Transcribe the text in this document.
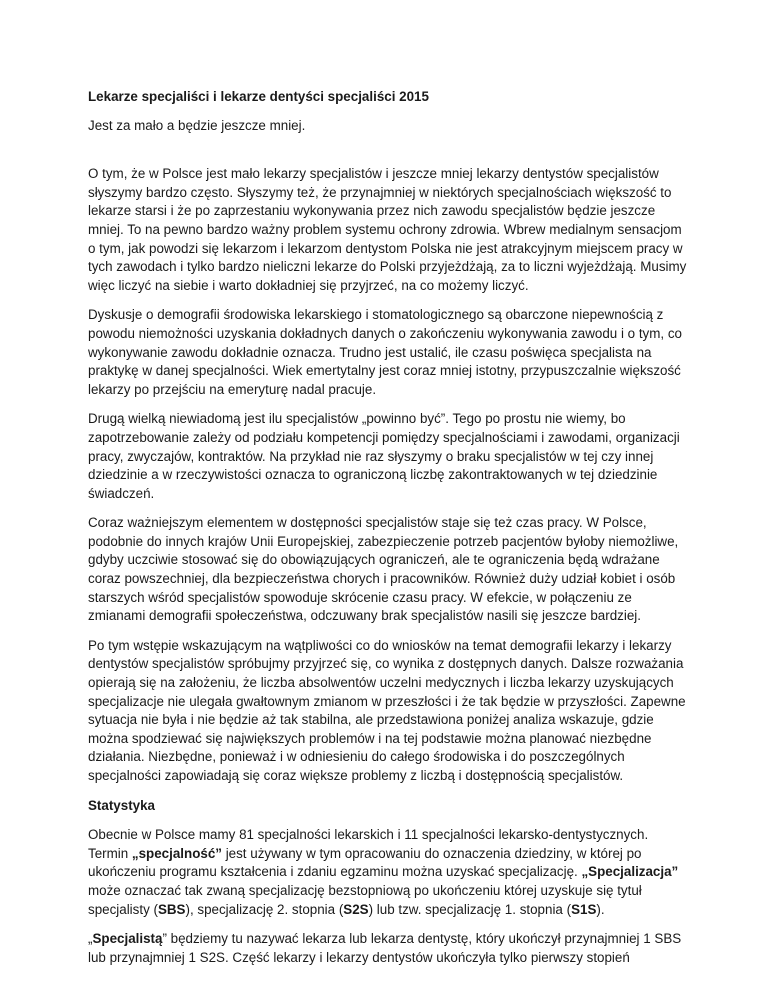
Lekarze specjaliści i lekarze dentyści specjaliści 2015
Jest za mało a będzie jeszcze mniej.

O tym, że w Polsce jest mało lekarzy specjalistów i jeszcze mniej lekarzy dentystów specjalistów słyszymy bardzo często. Słyszymy też, że przynajmniej w niektórych specjalnościach większość to lekarze starsi i że po zaprzestaniu wykonywania przez nich zawodu specjalistów będzie jeszcze mniej. To na pewno bardzo ważny problem systemu ochrony zdrowia. Wbrew medialnym sensacjom o tym, jak powodzi się lekarzom i lekarzom dentystom Polska nie jest atrakcyjnym miejscem pracy w tych zawodach i tylko bardzo nieliczni lekarze do Polski przyjeżdżają, za to liczni wyjeżdżają. Musimy więc liczyć na siebie i warto dokładniej się przyjrzeć, na co możemy liczyć.

Dyskusje o demografii środowiska lekarskiego i stomatologicznego są obarczone niepewnością z powodu niemożności uzyskania dokładnych danych o zakończeniu wykonywania zawodu i o tym, co wykonywanie zawodu dokładnie oznacza. Trudno jest ustalić, ile czasu poświęca specjalista na praktykę w danej specjalności. Wiek emertytalny jest coraz mniej istotny, przypuszczalnie większość lekarzy po przejściu na emeryturę nadal pracuje.

Drugą wielką niewiadomą jest ilu specjalistów „powinno być”. Tego po prostu nie wiemy, bo zapotrzebowanie zależy od podziału kompetencji pomiędzy specjalnościami i zawodami, organizacji pracy, zwyczajów, kontraktów. Na przykład nie raz słyszymy o braku specjalistów w tej czy innej dziedzinie a w rzeczywistości oznacza to ograniczoną liczbę zakontraktowanych w tej dziedzinie świadczeń.

Coraz ważniejszym elementem w dostępności specjalistów staje się też czas pracy. W Polsce, podobnie do innych krajów Unii Europejskiej, zabezpieczenie potrzeb pacjentów byłoby niemożliwe, gdyby uczciwie stosować się do obowiązujących ograniczeń, ale te ograniczenia będą wdrażane coraz powszechniej, dla bezpieczeństwa chorych i pracowników. Również duży udział kobiet i osób starszych wśród specjalistów spowoduje skrócenie czasu pracy. W efekcie, w połączeniu ze zmianami demografii społeczeństwa, odczuwany brak specjalistów nasili się jeszcze bardziej.

Po tym wstępie wskazującym na wątpliwości co do wniosków na temat demografii lekarzy i lekarzy dentystów specjalistów spróbujmy przyjrzeć się, co wynika z dostępnych danych. Dalsze rozważania opierają się na założeniu, że liczba absolwentów uczelni medycznych i liczba lekarzy uzyskujących specjalizacje nie ulegała gwałtownym zmianom w przeszłości i że tak będzie w przyszłości. Zapewne sytuacja nie była i nie będzie aż tak stabilna, ale przedstawiona poniżej analiza wskazuje, gdzie można spodziewać się największych problemów i na tej podstawie można planować niezbędne działania. Niezbędne, ponieważ i w odniesieniu do całego środowiska i do poszczególnych specjalności zapowiadają się coraz większe problemy z liczbą i dostępnością specjalistów.

Statystyka

Obecnie w Polsce mamy 81 specjalności lekarskich i 11 specjalności lekarsko-dentystycznych. Termin „specjalność” jest używany w tym opracowaniu do oznaczenia dziedziny, w której po ukończeniu programu kształcenia i zdaniu egzaminu można uzyskać specjalizację. „Specjalizacja” może oznaczać tak zwaną specjalizację bezstopniową po ukończeniu której uzyskuje się tytuł specjalisty (SBS), specjalizację 2. stopnia (S2S) lub tzw. specjalizację 1. stopnia (S1S).

„Specjalistą” będziemy tu nazywać lekarza lub lekarza dentystę, który ukończył przynajmniej 1 SBS lub przynajmniej 1 S2S. Część lekarzy i lekarzy dentystów ukończyła tylko pierwszy stopień
